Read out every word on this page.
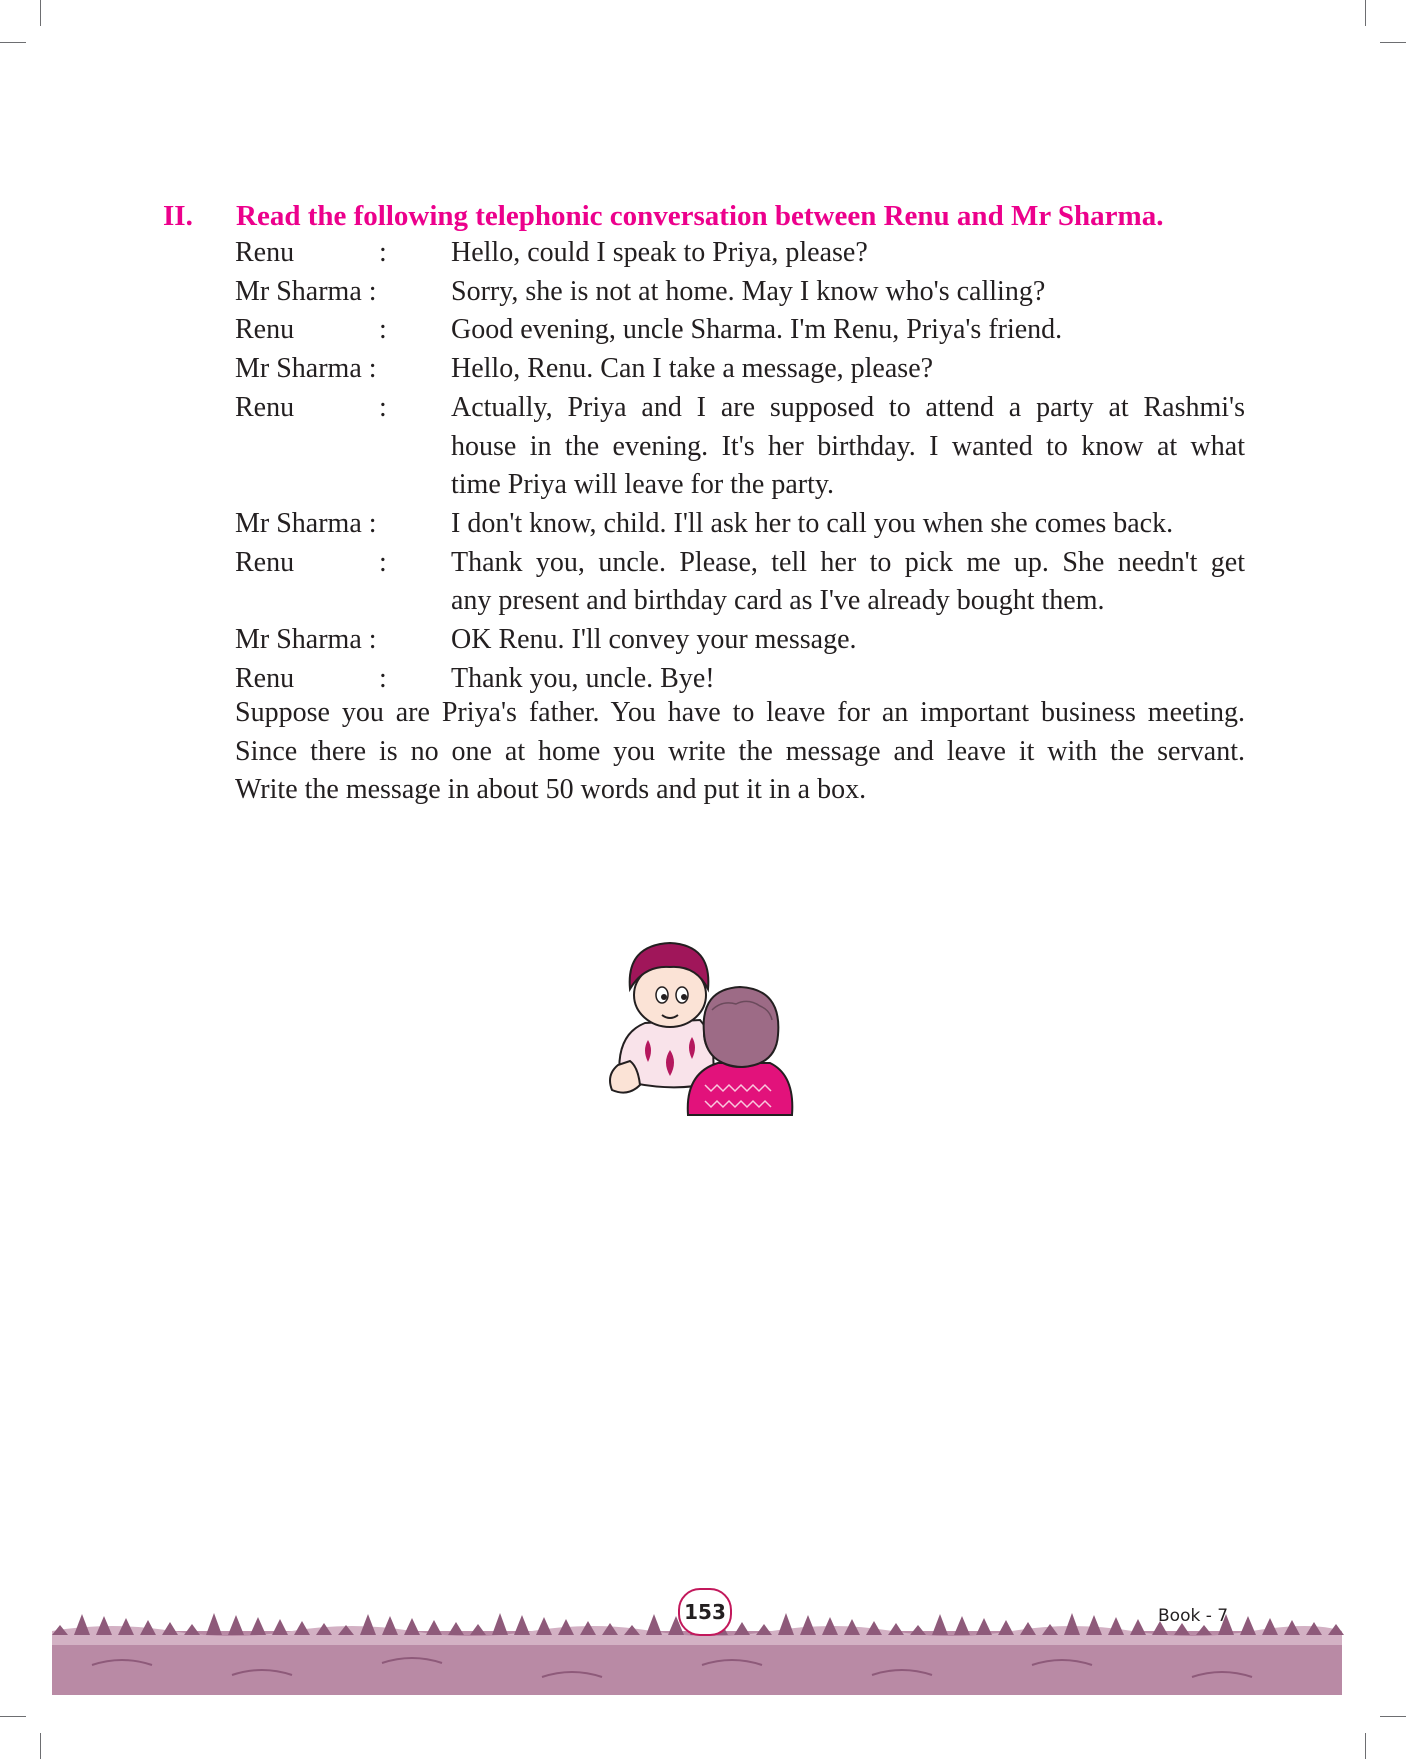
II. Read the following telephonic conversation between Renu and Mr Sharma.
Renu	: Hello, could I speak to Priya, please?
Mr Sharma :	Sorry, she is not at home. May I know who's calling?
Renu	: Good evening, uncle Sharma. I'm Renu, Priya's friend.
Mr Sharma :	Hello, Renu. Can I take a message, please?
Renu	: Actually, Priya and I are supposed to attend a party at Rashmi's
house in the evening. It's her birthday. I wanted to know at what
time Priya will leave for the party.
Mr Sharma :	I don't know, child. I'll ask her to call you when she comes back.
Renu	: Thank you, uncle. Please, tell her to pick me up. She needn't get
any present and birthday card as I've already bought them.
Mr Sharma :	OK Renu. I'll convey your message.
Renu	: Thank you, uncle. Bye!
Suppose you are Priya's father. You have to leave for an important business meeting.
Since there is no one at home you write the message and leave it with the servant.
Write the message in about 50 words and put it in a box.
153	Book - 7
